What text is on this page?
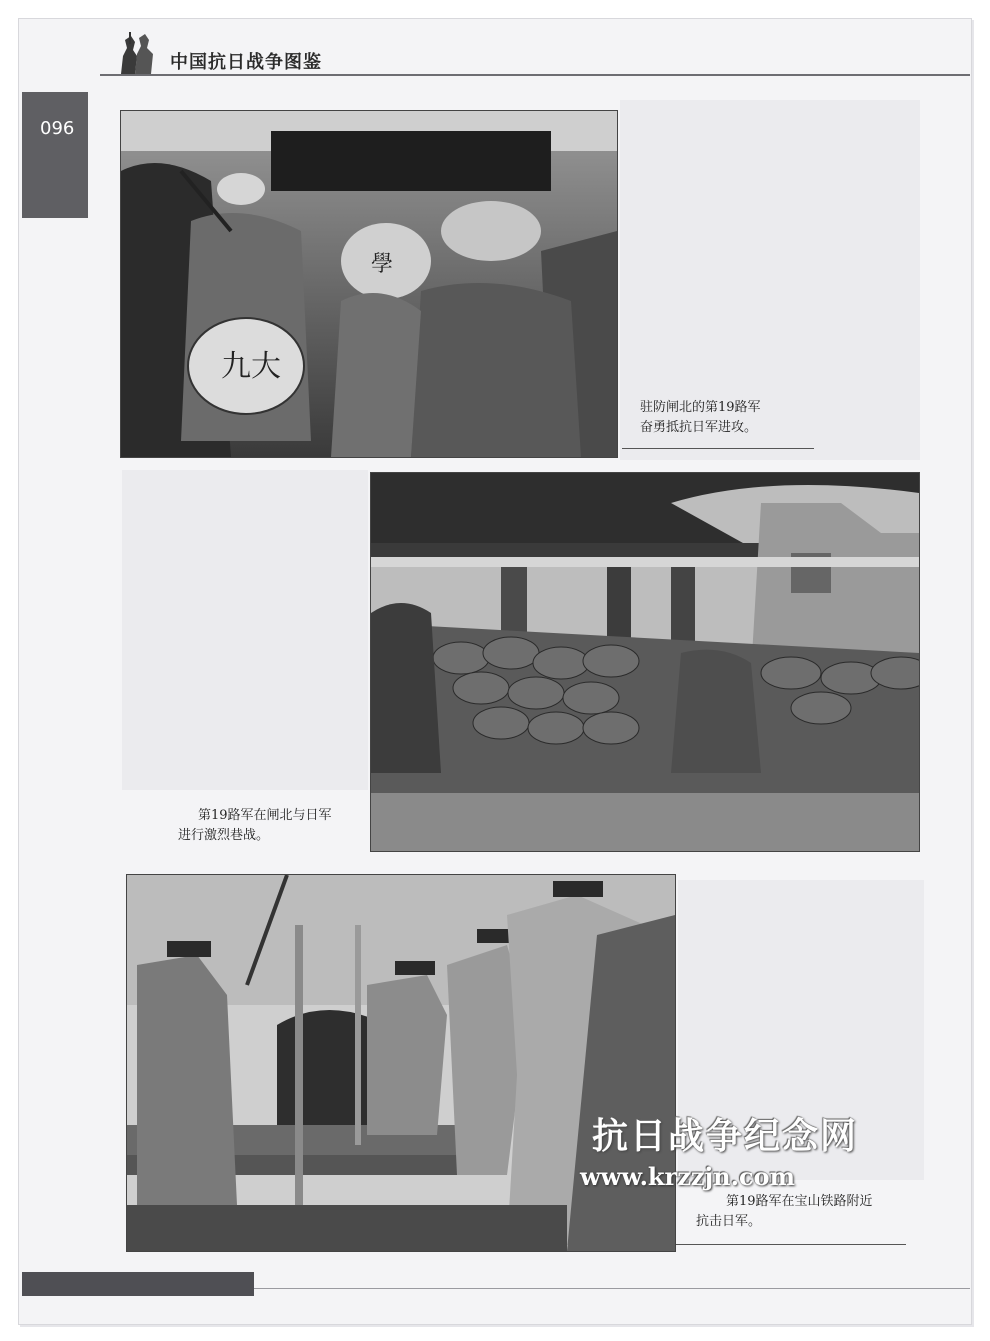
中国抗日战争图鉴

096
九大
學
驻防闸北的第19路军
奋勇抵抗日军进攻。
第19路军在闸北与日军
进行激烈巷战。
第19路军在宝山铁路附近
抗击日军。
抗日战争纪念网
www.krzzjn.com
